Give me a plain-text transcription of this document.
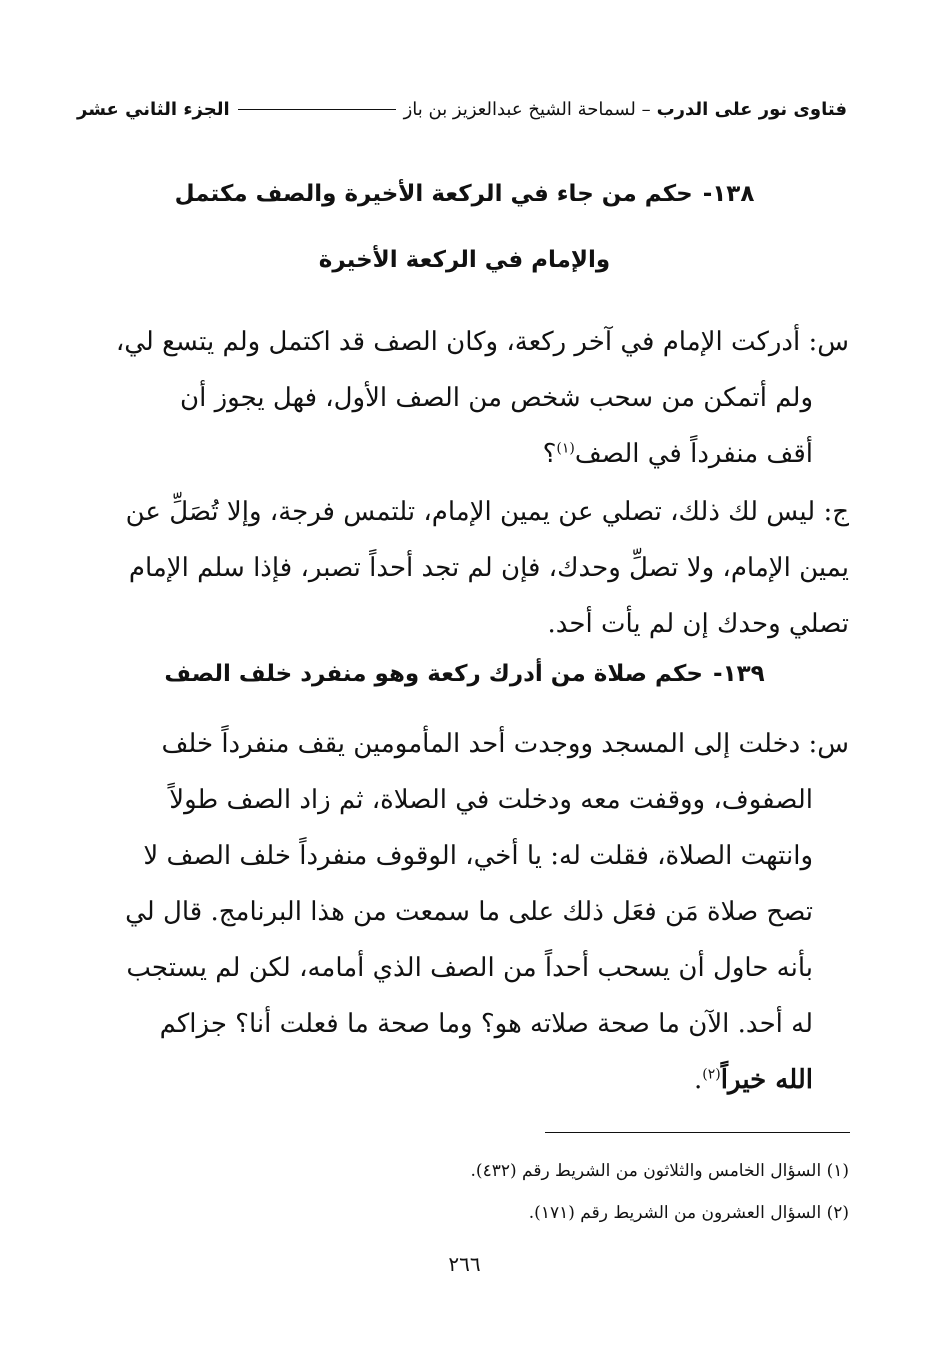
فتاوى نور على الدرب
– لسماحة الشيخ عبدالعزيز بن باز
الجزء الثاني عشر
١٣٨-حكم من جاء في الركعة الأخيرة والصف مكتمل
والإمام في الركعة الأخيرة
س: أدركت الإمام في آخر ركعة، وكان الصف قد اكتمل ولم يتسع لي،
ولم أتمكن من سحب شخص من الصف الأول، فهل يجوز أن
أقف منفرداً في الصف$^{(١)}$؟
ج: ليس لك ذلك، تصلي عن يمين الإمام، تلتمس فرجة، وإلا تُصَلِّ عن
يمين الإمام، ولا تصلِّ وحدك، فإن لم تجد أحداً تصبر، فإذا سلم الإمام
تصلي وحدك إن لم يأت أحد.
١٣٩-حكم صلاة من أدرك ركعة وهو منفرد خلف الصف
س: دخلت إلى المسجد ووجدت أحد المأمومين يقف منفرداً خلف
الصفوف، ووقفت معه ودخلت في الصلاة، ثم زاد الصف طولاً
وانتهت الصلاة، فقلت له: يا أخي، الوقوف منفرداً خلف الصف لا
تصح صلاة مَن فعَل ذلك على ما سمعت من هذا البرنامج. قال لي
بأنه حاول أن يسحب أحداً من الصف الذي أمامه، لكن لم يستجب
له أحد. الآن ما صحة صلاته هو؟ وما صحة ما فعلت أنا؟ جزاكم
الله خيراً$^{(٢)}$.
(١) السؤال الخامس والثلاثون من الشريط رقم (٤٣٢).
(٢) السؤال العشرون من الشريط رقم (١٧١).
٢٦٦
